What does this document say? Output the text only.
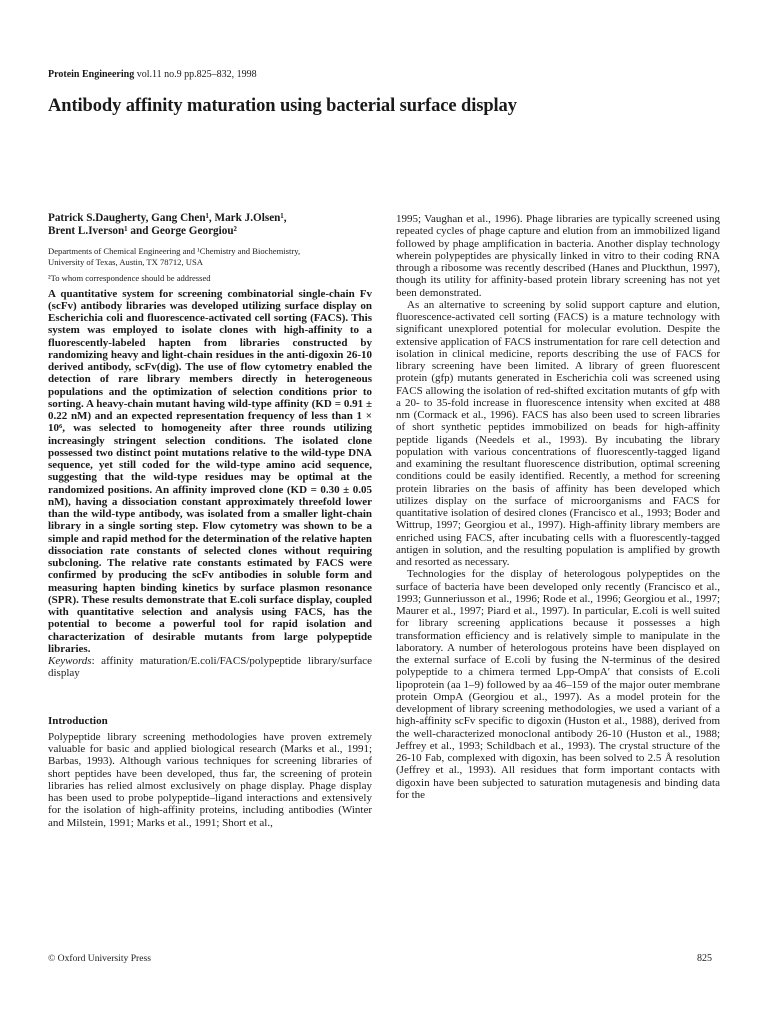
Protein Engineering vol.11 no.9 pp.825–832, 1998
Antibody affinity maturation using bacterial surface display

Patrick S.Daugherty, Gang Chen¹, Mark J.Olsen¹,
Brent L.Iverson¹ and George Georgiou²

Departments of Chemical Engineering and ¹Chemistry and Biochemistry,
University of Texas, Austin, TX 78712, USA

²To whom correspondence should be addressed

A quantitative system for screening combinatorial single-chain Fv (scFv) antibody libraries was developed utilizing surface display on Escherichia coli and fluorescence-activated cell sorting (FACS). This system was employed to isolate clones with high-affinity to a fluorescently-labeled hapten from libraries constructed by randomizing heavy and light-chain residues in the anti-digoxin 26-10 derived antibody, scFv(dig). The use of flow cytometry enabled the detection of rare library members directly in heterogeneous populations and the optimization of selection conditions prior to sorting. A heavy-chain mutant having wild-type affinity (KD = 0.91 ± 0.22 nM) and an expected representation frequency of less than 1 × 10⁶, was selected to homogeneity after three rounds utilizing increasingly stringent selection conditions. The isolated clone possessed two distinct point mutations relative to the wild-type DNA sequence, yet still coded for the wild-type amino acid sequence, suggesting that the wild-type residues may be optimal at the randomized positions. An affinity improved clone (KD = 0.30 ± 0.05 nM), having a dissociation constant approximately threefold lower than the wild-type antibody, was isolated from a smaller light-chain library in a single sorting step. Flow cytometry was shown to be a simple and rapid method for the determination of the relative hapten dissociation rate constants of selected clones without requiring subcloning. The relative rate constants estimated by FACS were confirmed by producing the scFv antibodies in soluble form and measuring hapten binding kinetics by surface plasmon resonance (SPR). These results demonstrate that E.coli surface display, coupled with quantitative selection and analysis using FACS, has the potential to become a powerful tool for rapid isolation and characterization of desirable mutants from large polypeptide libraries.

Keywords: affinity maturation/E.coli/FACS/polypeptide library/surface display

Introduction

Polypeptide library screening methodologies have proven extremely valuable for basic and applied biological research (Marks et al., 1991; Barbas, 1993). Although various techniques for screening libraries of short peptides have been developed, thus far, the screening of protein libraries has relied almost exclusively on phage display. Phage display has been used to probe polypeptide–ligand interactions and extensively for the isolation of high-affinity proteins, including antibodies (Winter and Milstein, 1991; Marks et al., 1991; Short et al.,

1995; Vaughan et al., 1996). Phage libraries are typically screened using repeated cycles of phage capture and elution from an immobilized ligand followed by phage amplification in bacteria. Another display technology wherein polypeptides are physically linked in vitro to their coding RNA through a ribosome was recently described (Hanes and Pluckthun, 1997), though its utility for affinity-based protein library screening has not yet been demonstrated.

As an alternative to screening by solid support capture and elution, fluorescence-activated cell sorting (FACS) is a mature technology with significant unexplored potential for molecular evolution. Despite the extensive application of FACS instrumentation for rare cell detection and isolation in clinical medicine, reports describing the use of FACS for library screening have been limited. A library of green fluorescent protein (gfp) mutants generated in Escherichia coli was screened using FACS allowing the isolation of red-shifted excitation mutants of gfp with a 20- to 35-fold increase in fluorescence intensity when excited at 488 nm (Cormack et al., 1996). FACS has also been used to screen libraries of short synthetic peptides immobilized on beads for high-affinity peptide ligands (Needels et al., 1993). By incubating the library population with various concentrations of fluorescently-tagged ligand and examining the resultant fluorescence distribution, optimal screening conditions could be easily identified. Recently, a method for screening protein libraries on the basis of affinity has been developed which utilizes display on the surface of microorganisms and FACS for quantitative isolation of desired clones (Francisco et al., 1993; Boder and Wittrup, 1997; Georgiou et al., 1997). High-affinity library members are enriched using FACS, after incubating cells with a fluorescently-tagged antigen in solution, and the resulting population is amplified by growth and resorted as necessary.

Technologies for the display of heterologous polypeptides on the surface of bacteria have been developed only recently (Francisco et al., 1993; Gunneriusson et al., 1996; Rode et al., 1996; Georgiou et al., 1997; Maurer et al., 1997; Piard et al., 1997). In particular, E.coli is well suited for library screening applications because it possesses a high transformation efficiency and is relatively simple to manipulate in the laboratory. A number of heterologous proteins have been displayed on the external surface of E.coli by fusing the N-terminus of the desired polypeptide to a chimera termed Lpp-OmpA′ that consists of E.coli lipoprotein (aa 1–9) followed by aa 46–159 of the major outer membrane protein OmpA (Georgiou et al., 1997). As a model protein for the development of library screening methodologies, we used a variant of a high-affinity scFv specific to digoxin (Huston et al., 1988), derived from the well-characterized monoclonal antibody 26-10 (Huston et al., 1988; Jeffrey et al., 1993; Schildbach et al., 1993). The crystal structure of the 26-10 Fab, complexed with digoxin, has been solved to 2.5 Å resolution (Jeffrey et al., 1993). All residues that form important contacts with digoxin have been subjected to saturation mutagenesis and binding data for the

© Oxford University Press	825
